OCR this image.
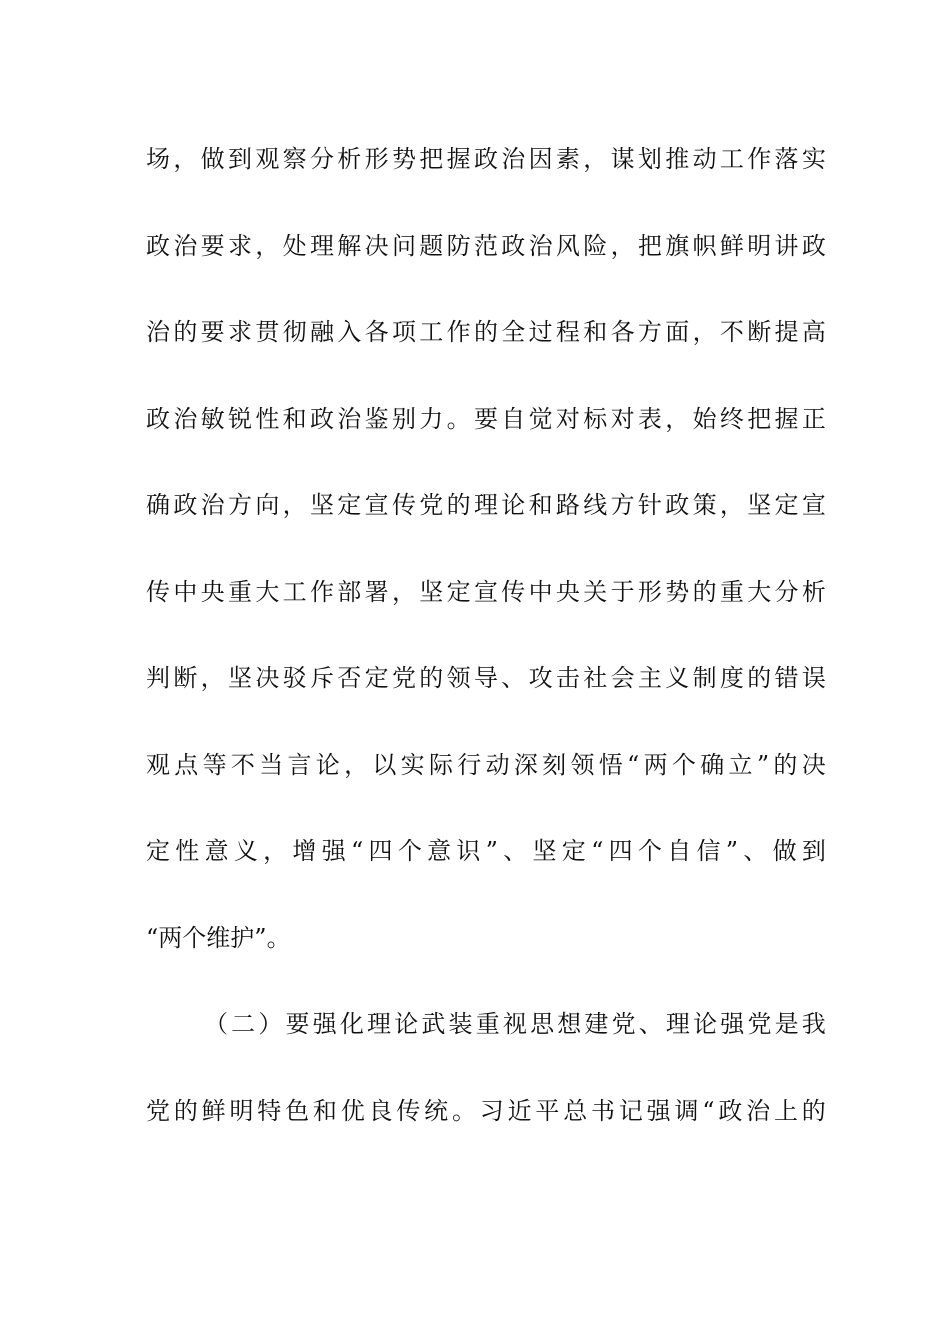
场 ， 做 到 观 察 分 析 形 势 把 握 政 治 因 素 ， 谋 划 推 动 工 作 落 实
政 治 要 求 ， 处 理 解 决 问 题 防 范 政 治 风 险 ， 把 旗 帜 鲜 明 讲 政
治 的 要 求 贯 彻 融 入 各 项 工 作 的 全 过 程 和 各 方 面 ， 不 断 提 高
政 治 敏 锐 性 和 政 治 鉴 别 力 。 要 自 觉 对 标 对 表 ， 始 终 把 握 正
确 政 治 方 向 ， 坚 定 宣 传 党 的 理 论 和 路 线 方 针 政 策 ， 坚 定 宣
传 中 央 重 大 工 作 部 署 ， 坚 定 宣 传 中 央 关 于 形 势 的 重 大 分 析
判 断 ， 坚 决 驳 斥 否 定 党 的 领 导 、 攻 击 社 会 主 义 制 度 的 错 误
观 点 等 不 当 言 论 ， 以 实 际 行 动 深 刻 领 悟 “ 两 个 确 立 ” 的 决
定 性 意 义 ， 增 强 “ 四 个 意 识 ” 、 坚 定 “ 四 个 自 信 ” 、 做 到
“ 两 个 维 护 ” 。
（ 二 ） 要 强 化 理 论 武 装 重 视 思 想 建 党 、 理 论 强 党 是 我
党 的 鲜 明 特 色 和 优 良 传 统 。 习 近 平 总 书 记 强 调 “ 政 治 上 的
